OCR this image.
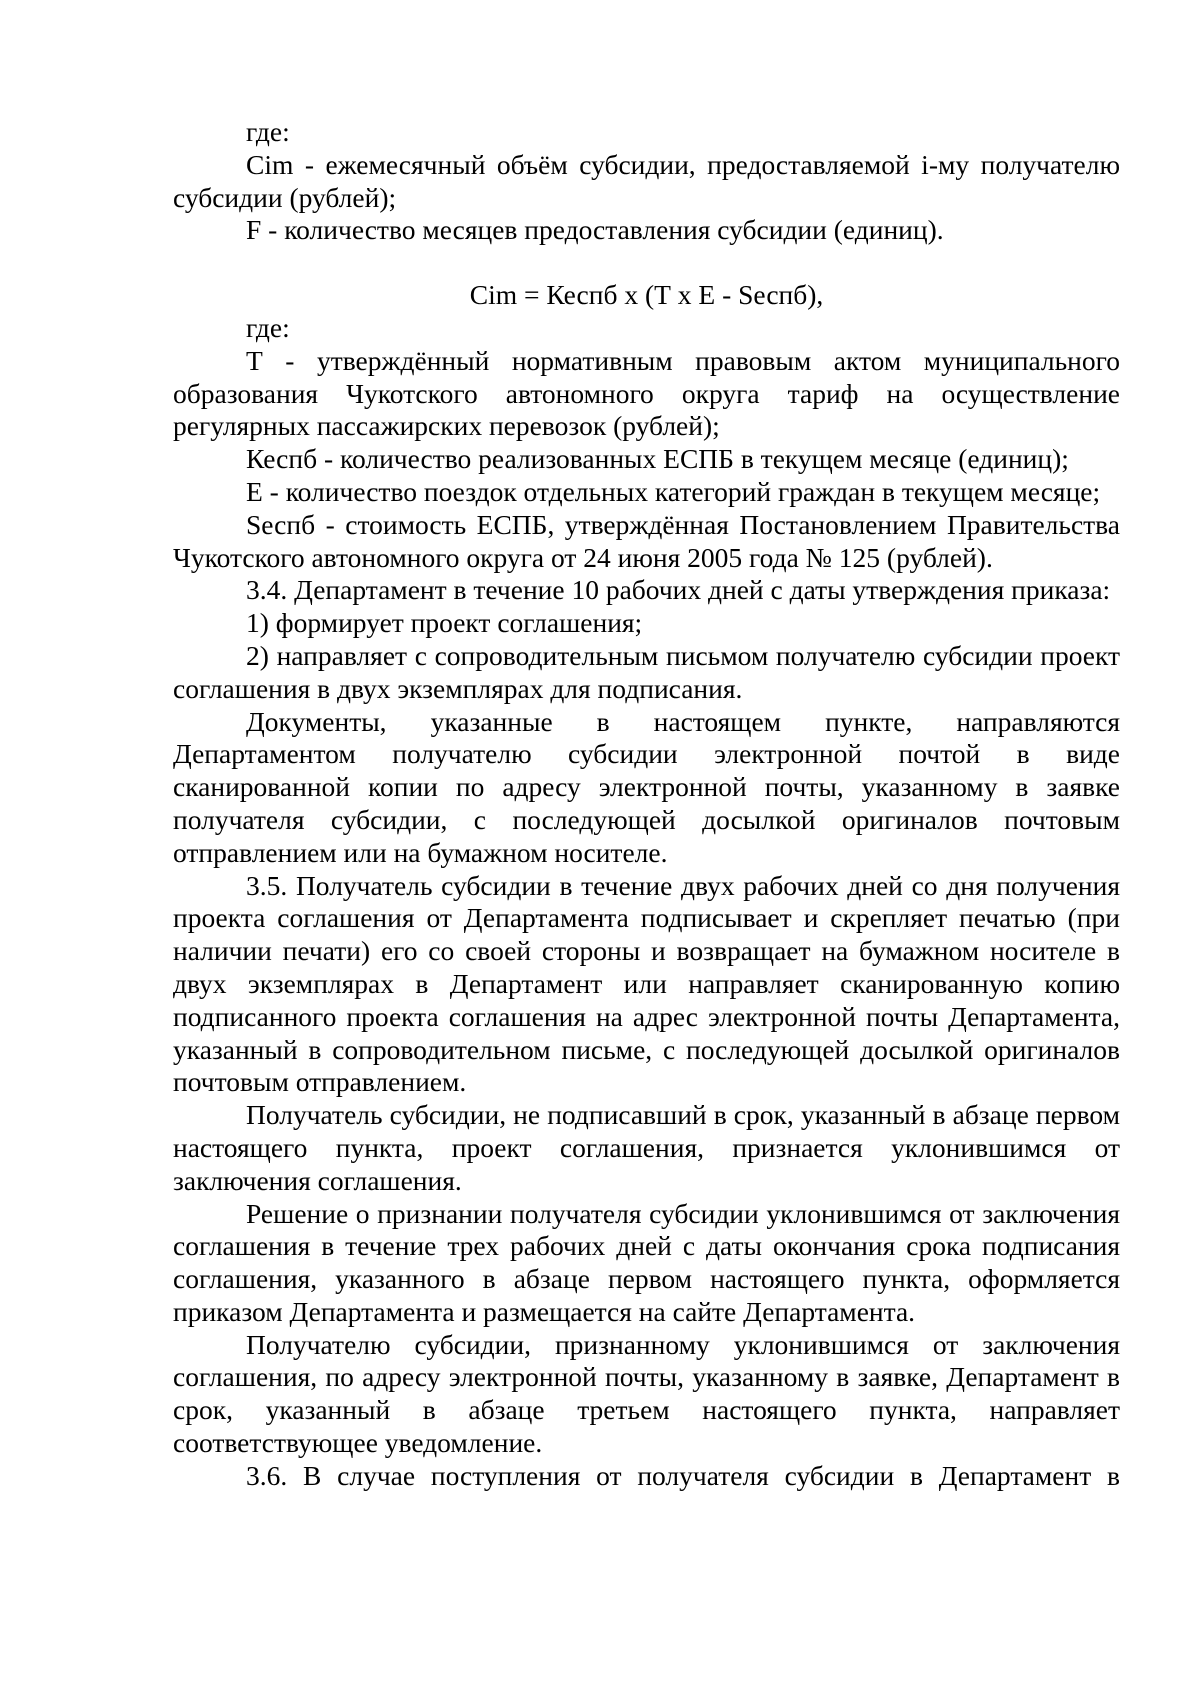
где:

Cim - ежемесячный объём субсидии, предоставляемой i-му получателю субсидии (рублей);

F - количество месяцев предоставления субсидии (единиц).

Cim = Кеспб х (Т х Е - Sеспб),

где:

Т - утверждённый нормативным правовым актом муниципального образования Чукотского автономного округа тариф на осуществление регулярных пассажирских перевозок (рублей);

Кеспб - количество реализованных ЕСПБ в текущем месяце (единиц);

Е - количество поездок отдельных категорий граждан в текущем месяце;

Sеспб - стоимость ЕСПБ, утверждённая Постановлением Правительства Чукотского автономного округа от 24 июня 2005 года № 125 (рублей).

3.4. Департамент в течение 10 рабочих дней с даты утверждения приказа:

1) формирует проект соглашения;

2) направляет с сопроводительным письмом получателю субсидии проект соглашения в двух экземплярах для подписания.

Документы, указанные в настоящем пункте, направляются Департаментом получателю субсидии электронной почтой в виде сканированной копии по адресу электронной почты, указанному в заявке получателя субсидии, с последующей досылкой оригиналов почтовым отправлением или на бумажном носителе.

3.5. Получатель субсидии в течение двух рабочих дней со дня получения проекта соглашения от Департамента подписывает и скрепляет печатью (при наличии печати) его со своей стороны и возвращает на бумажном носителе в двух экземплярах в Департамент или направляет сканированную копию подписанного проекта соглашения на адрес электронной почты Департамента, указанный в сопроводительном письме, с последующей досылкой оригиналов почтовым отправлением.

Получатель субсидии, не подписавший в срок, указанный в абзаце первом настоящего пункта, проект соглашения, признается уклонившимся от заключения соглашения.

Решение о признании получателя субсидии уклонившимся от заключения соглашения в течение трех рабочих дней с даты окончания срока подписания соглашения, указанного в абзаце первом настоящего пункта, оформляется приказом Департамента и размещается на сайте Департамента.

Получателю субсидии, признанному уклонившимся от заключения соглашения, по адресу электронной почты, указанному в заявке, Департамент в срок, указанный в абзаце третьем настоящего пункта, направляет соответствующее уведомление.

3.6. В случае поступления от получателя субсидии в Департамент в
